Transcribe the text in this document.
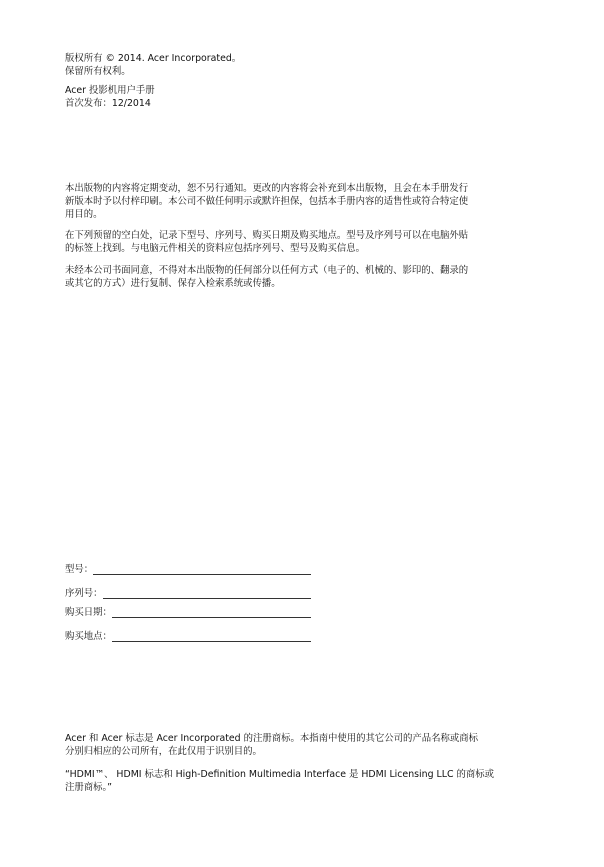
版权所有 © 2014. Acer Incorporated。
保留所有权利。
Acer 投影机用户手册
首次发布：12/2014
本出版物的内容将定期变动，恕不另行通知。更改的内容将会补充到本出版物，且会在本手册发行
新版本时予以付梓印刷。本公司不做任何明示或默许担保，包括本手册内容的适售性或符合特定使
用目的。
在下列预留的空白处，记录下型号、序列号、购买日期及购买地点。型号及序列号可以在电脑外贴
的标签上找到。与电脑元件相关的资料应包括序列号、型号及购买信息。
未经本公司书面同意，不得对本出版物的任何部分以任何方式（电子的、机械的、影印的、翻录的
或其它的方式）进行复制、保存入检索系统或传播。
型号：
序列号：
购买日期：
购买地点：
Acer 和 Acer 标志是 Acer Incorporated 的注册商标。本指南中使用的其它公司的产品名称或商标
分别归相应的公司所有，在此仅用于识别目的。
“HDMI™、 HDMI 标志和 High-Definition Multimedia Interface 是 HDMI Licensing LLC 的商标或
注册商标。”
